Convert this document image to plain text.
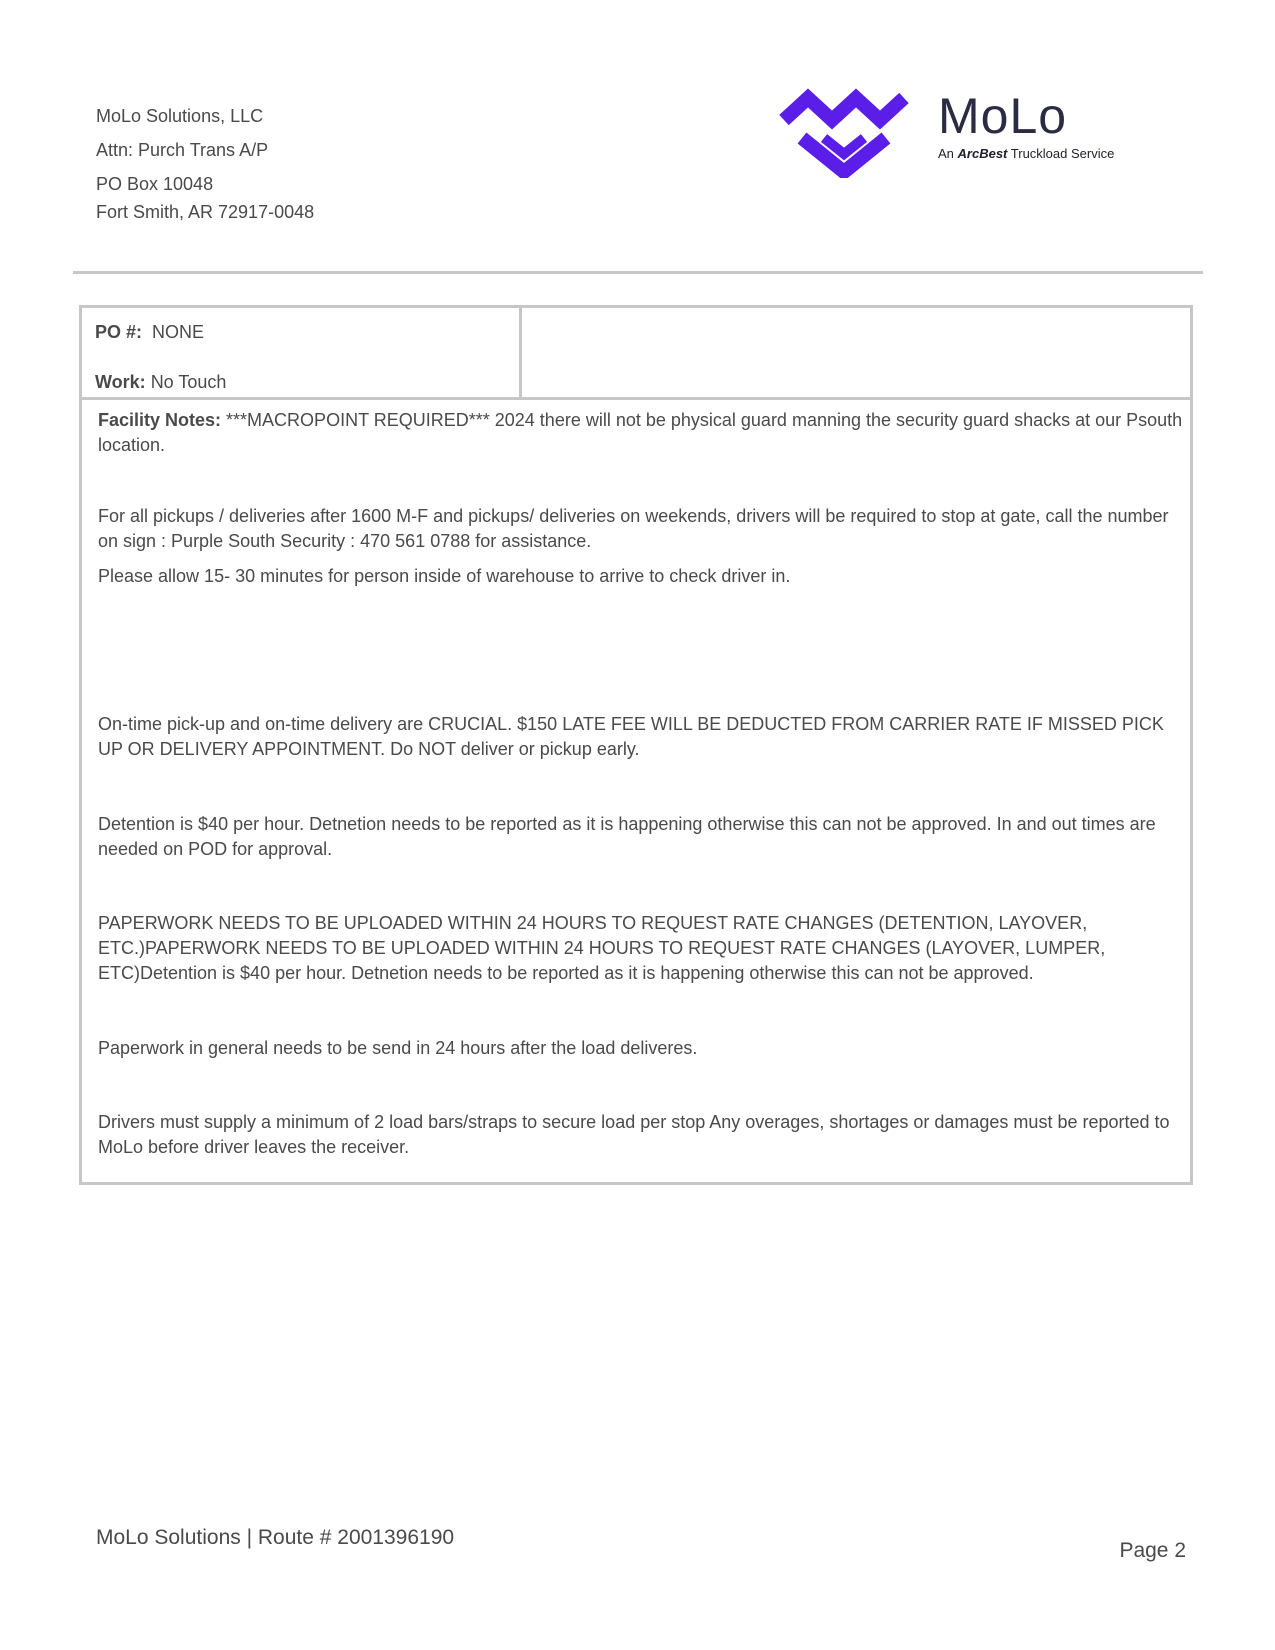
MoLo Solutions, LLC
Attn: Purch Trans A/P
PO Box 10048
Fort Smith, AR 72917-0048
MoLo
An ArcBest Truckload Service
PO #: NONE
Work: No Touch

Facility Notes: ***MACROPOINT REQUIRED*** 2024 there will not be physical guard manning the security guard shacks at our Psouth location.

For all pickups / deliveries after 1600 M-F and pickups/ deliveries on weekends, drivers will be required to stop at gate, call the number on sign : Purple South Security : 470 561 0788 for assistance.

Please allow 15- 30 minutes for person inside of warehouse to arrive to check driver in.

On-time pick-up and on-time delivery are CRUCIAL. $150 LATE FEE WILL BE DEDUCTED FROM CARRIER RATE IF MISSED PICK UP OR DELIVERY APPOINTMENT. Do NOT deliver or pickup early.

Detention is $40 per hour. Detnetion needs to be reported as it is happening otherwise this can not be approved. In and out times are needed on POD for approval.

PAPERWORK NEEDS TO BE UPLOADED WITHIN 24 HOURS TO REQUEST RATE CHANGES (DETENTION, LAYOVER, ETC.)PAPERWORK NEEDS TO BE UPLOADED WITHIN 24 HOURS TO REQUEST RATE CHANGES (LAYOVER, LUMPER, ETC)Detention is $40 per hour. Detnetion needs to be reported as it is happening otherwise this can not be approved.

Paperwork in general needs to be send in 24 hours after the load deliveres.

Drivers must supply a minimum of 2 load bars/straps to secure load per stop Any overages, shortages or damages must be reported to MoLo before driver leaves the receiver.

MoLo Solutions | Route # 2001396190
Page 2
